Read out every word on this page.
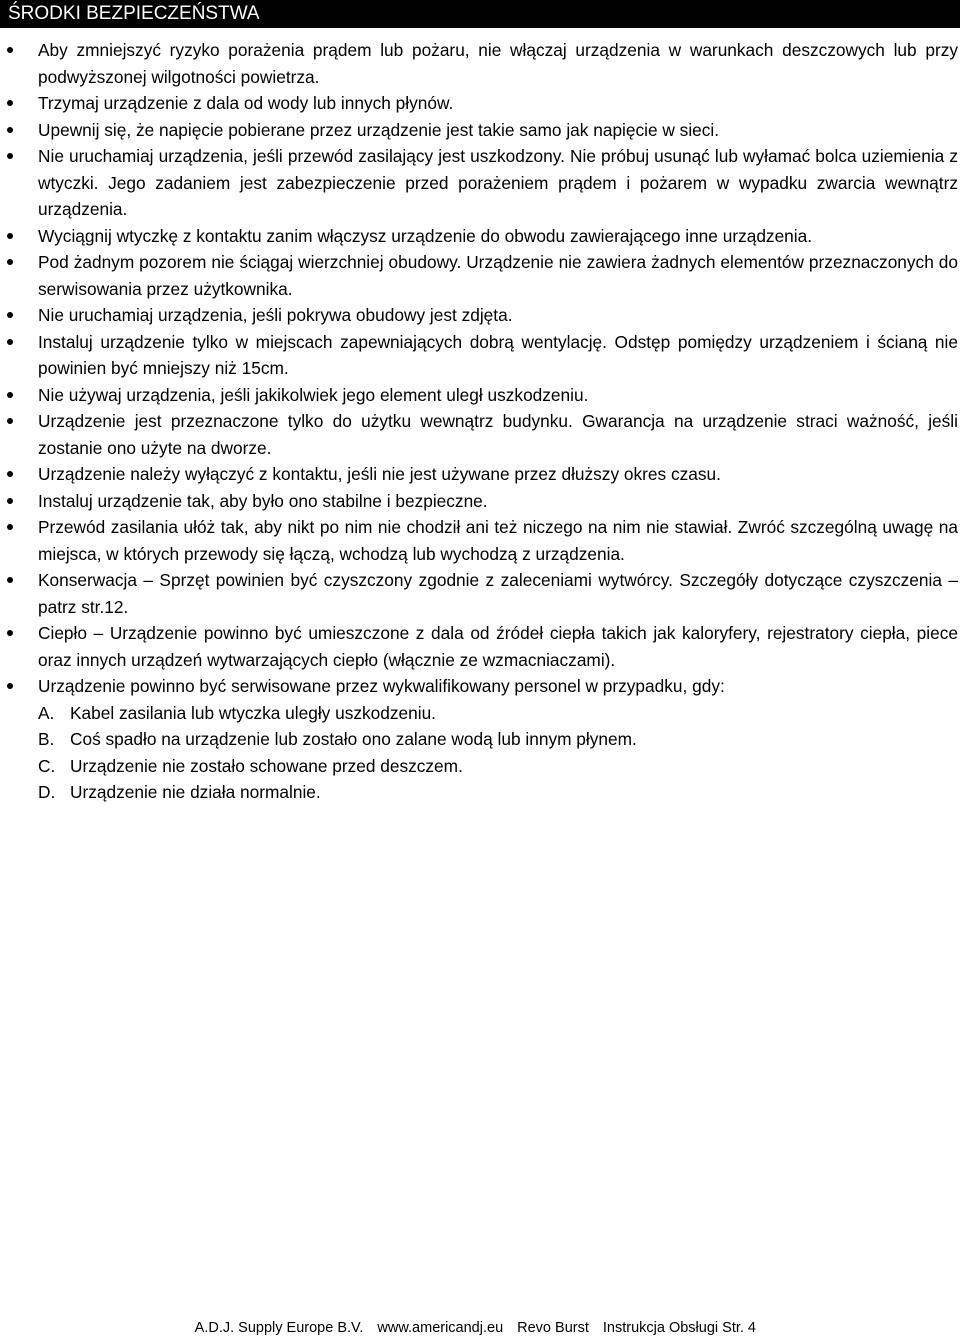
ŚRODKI BEZPIECZEŃSTWA
Aby zmniejszyć ryzyko porażenia prądem lub pożaru, nie włączaj urządzenia w warunkach deszczowych lub przy podwyższonej wilgotności powietrza.
Trzymaj urządzenie z dala od wody lub innych płynów.
Upewnij się, że napięcie pobierane przez urządzenie jest takie samo jak napięcie w sieci.
Nie uruchamiaj urządzenia, jeśli przewód zasilający jest uszkodzony. Nie próbuj usunąć lub wyłamać bolca uziemienia z wtyczki. Jego zadaniem jest zabezpieczenie przed porażeniem prądem i pożarem w wypadku zwarcia wewnątrz urządzenia.
Wyciągnij wtyczkę z kontaktu zanim włączysz urządzenie do obwodu zawierającego inne urządzenia.
Pod żadnym pozorem nie ściągaj wierzchniej obudowy. Urządzenie nie zawiera żadnych elementów przeznaczonych do serwisowania przez użytkownika.
Nie uruchamiaj urządzenia, jeśli pokrywa obudowy jest zdjęta.
Instaluj urządzenie tylko w miejscach zapewniających dobrą wentylację. Odstęp pomiędzy urządzeniem i ścianą nie powinien być mniejszy niż 15cm.
Nie używaj urządzenia, jeśli jakikolwiek jego element uległ uszkodzeniu.
Urządzenie jest przeznaczone tylko do użytku wewnątrz budynku. Gwarancja na urządzenie straci ważność, jeśli zostanie ono użyte na dworze.
Urządzenie należy wyłączyć z kontaktu, jeśli nie jest używane przez dłuższy okres czasu.
Instaluj urządzenie tak, aby było ono stabilne i bezpieczne.
Przewód zasilania ułóż tak, aby nikt po nim nie chodził ani też niczego na nim nie stawiał. Zwróć szczególną uwagę na miejsca, w których przewody się łączą, wchodzą lub wychodzą z urządzenia.
Konserwacja – Sprzęt powinien być czyszczony zgodnie z zaleceniami wytwórcy. Szczegóły dotyczące czyszczenia – patrz str.12.
Ciepło – Urządzenie powinno być umieszczone z dala od źródeł ciepła takich jak kaloryfery, rejestratory ciepła, piece oraz innych urządzeń wytwarzających ciepło (włącznie ze wzmacniaczami).
Urządzenie powinno być serwisowane przez wykwalifikowany personel w przypadku, gdy:
A. Kabel zasilania lub wtyczka uległy uszkodzeniu.
B. Coś spadło na urządzenie lub zostało ono zalane wodą lub innym płynem.
C. Urządzenie nie zostało schowane przed deszczem.
D. Urządzenie nie działa normalnie.
A.D.J. Supply Europe B.V. www.americandj.eu Revo Burst Instrukcja Obsługi Str. 4
